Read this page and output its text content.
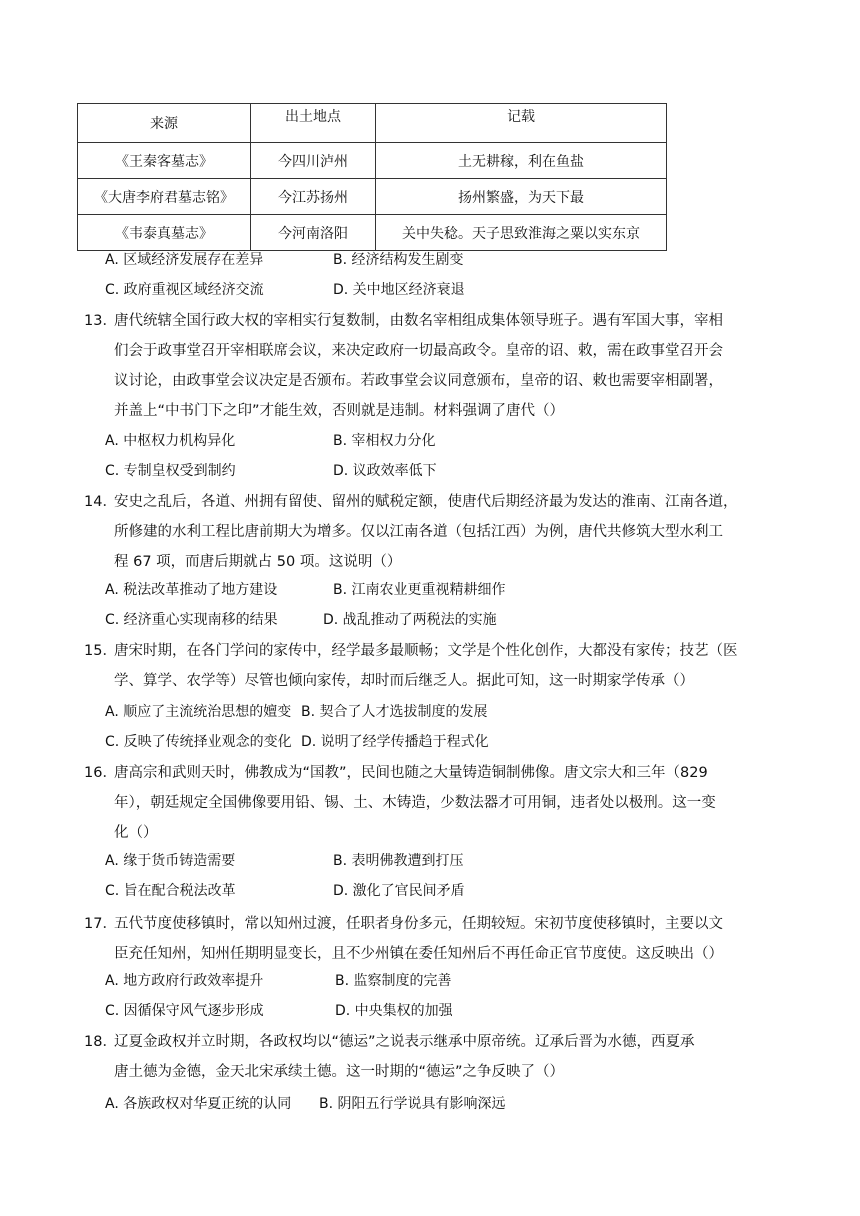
来源	出土地点	记载
《王秦客墓志》	今四川泸州	土无耕稼，利在鱼盐
《大唐李府君墓志铭》	今江苏扬州	扬州繁盛，为天下最
《韦泰真墓志》	今河南洛阳	关中失稔。天子思致淮海之粟以实东京
A. 区域经济发展存在差异	B. 经济结构发生剧变
C. 政府重视区域经济交流	D. 关中地区经济衰退
13．唐代统辖全国行政大权的宰相实行复数制，由数名宰相组成集体领导班子。遇有军国大事，宰相
们会于政事堂召开宰相联席会议，来决定政府一切最高政令。皇帝的诏、敕，需在政事堂召开会
议讨论，由政事堂会议决定是否颁布。若政事堂会议同意颁布，皇帝的诏、敕也需要宰相副署，
并盖上“中书门下之印”才能生效，否则就是违制。材料强调了唐代（）
A. 中枢权力机构异化	B. 宰相权力分化
C. 专制皇权受到制约	D. 议政效率低下
14．安史之乱后，各道、州拥有留使、留州的赋税定额，使唐代后期经济最为发达的淮南、江南各道，
所修建的水利工程比唐前期大为增多。仅以江南各道（包括江西）为例，唐代共修筑大型水利工
程 67 项，而唐后期就占 50 项。这说明（）
A. 税法改革推动了地方建设	B. 江南农业更重视精耕细作
C. 经济重心实现南移的结果	D. 战乱推动了两税法的实施
15．唐宋时期，在各门学问的家传中，经学最多最顺畅；文学是个性化创作，大都没有家传；技艺（医
学、算学、农学等）尽管也倾向家传，却时而后继乏人。据此可知，这一时期家学传承（）
A. 顺应了主流统治思想的嬗变 B. 契合了人才选拔制度的发展
C. 反映了传统择业观念的变化 D. 说明了经学传播趋于程式化
16．唐高宗和武则天时，佛教成为“国教”，民间也随之大量铸造铜制佛像。唐文宗大和三年（829
年），朝廷规定全国佛像要用铅、锡、土、木铸造，少数法器才可用铜，违者处以极刑。这一变
化（）
A. 缘于货币铸造需要	B. 表明佛教遭到打压
C. 旨在配合税法改革	D. 激化了官民间矛盾
17．五代节度使移镇时，常以知州过渡，任职者身份多元，任期较短。宋初节度使移镇时，主要以文
臣充任知州，知州任期明显变长，且不少州镇在委任知州后不再任命正官节度使。这反映出（）
A. 地方政府行政效率提升	B. 监察制度的完善
C. 因循保守风气逐步形成	D. 中央集权的加强
18．辽夏金政权并立时期，各政权均以“德运”之说表示继承中原帝统。辽承后晋为水德，西夏承
唐土德为金德，金天北宋承续土德。这一时期的“德运”之争反映了（）
A. 各族政权对华夏正统的认同 B. 阴阳五行学说具有影响深远
